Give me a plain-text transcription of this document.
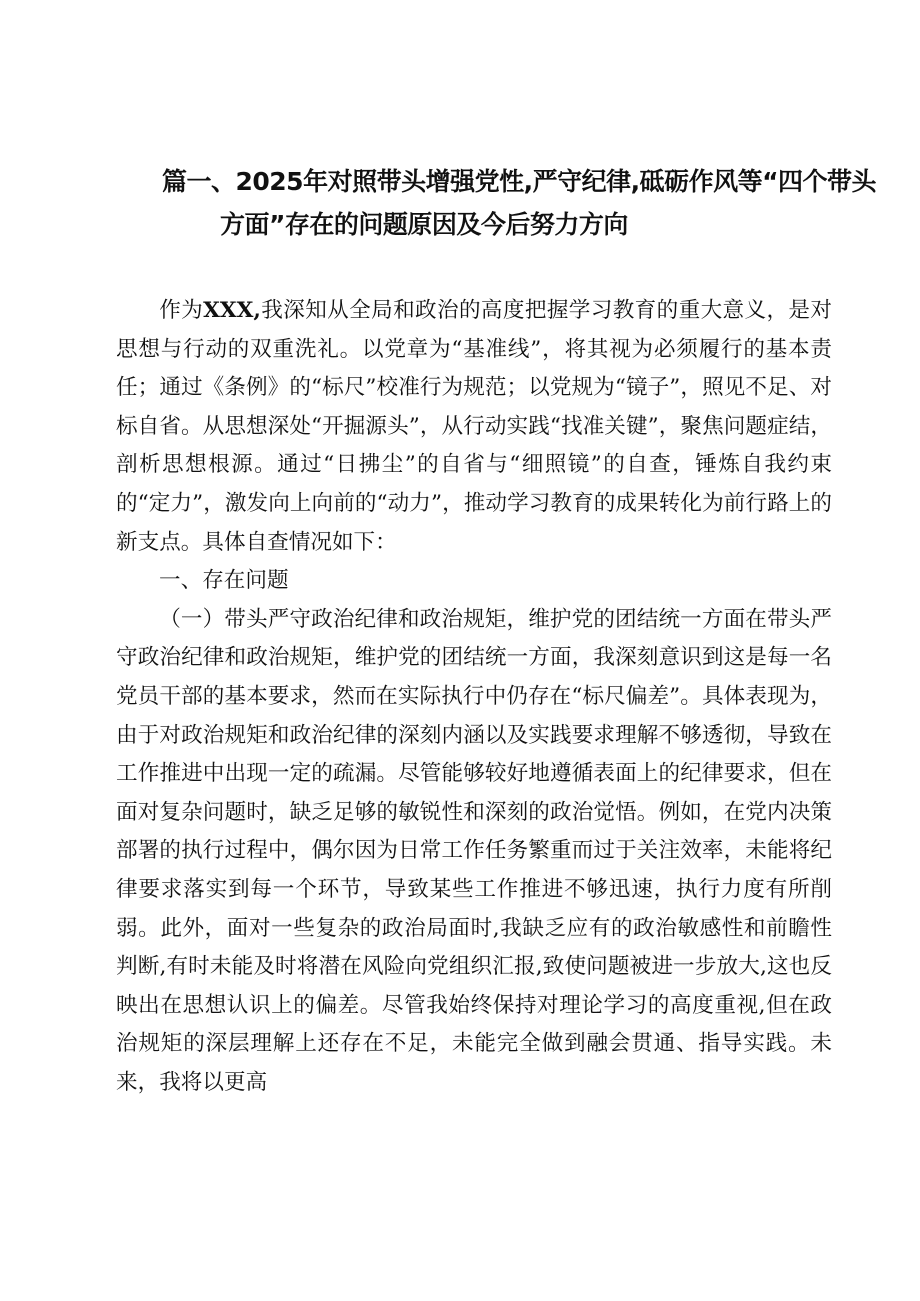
篇一、2025年对照带头增强党性,严守纪律,砥砺作风等“四个带头
方面”存在的问题原因及今后努力方向

作为XXX,我深知从全局和政治的高度把握学习教育的重大意义，是对思想与行动的双重洗礼。以党章为“基准线”，将其视为必须履行的基本责任；通过《条例》的“标尺”校准行为规范；以党规为“镜子”，照见不足、对标自省。从思想深处“开掘源头”，从行动实践“找准关键”，聚焦问题症结，剖析思想根源。通过“日拂尘”的自省与“细照镜”的自查，锤炼自我约束的“定力”，激发向上向前的“动力”，推动学习教育的成果转化为前行路上的新支点。具体自查情况如下：

一、存在问题

（一）带头严守政治纪律和政治规矩，维护党的团结统一方面在带头严守政治纪律和政治规矩，维护党的团结统一方面，我深刻意识到这是每一名党员干部的基本要求，然而在实际执行中仍存在“标尺偏差”。具体表现为，由于对政治规矩和政治纪律的深刻内涵以及实践要求理解不够透彻，导致在工作推进中出现一定的疏漏。尽管能够较好地遵循表面上的纪律要求，但在面对复杂问题时，缺乏足够的敏锐性和深刻的政治觉悟。例如，在党内决策部署的执行过程中，偶尔因为日常工作任务繁重而过于关注效率，未能将纪律要求落实到每一个环节，导致某些工作推进不够迅速，执行力度有所削弱。此外，面对一些复杂的政治局面时,我缺乏应有的政治敏感性和前瞻性判断,有时未能及时将潜在风险向党组织汇报,致使问题被进一步放大,这也反映出在思想认识上的偏差。尽管我始终保持对理论学习的高度重视,但在政治规矩的深层理解上还存在不足，未能完全做到融会贯通、指导实践。未来，我将以更高
